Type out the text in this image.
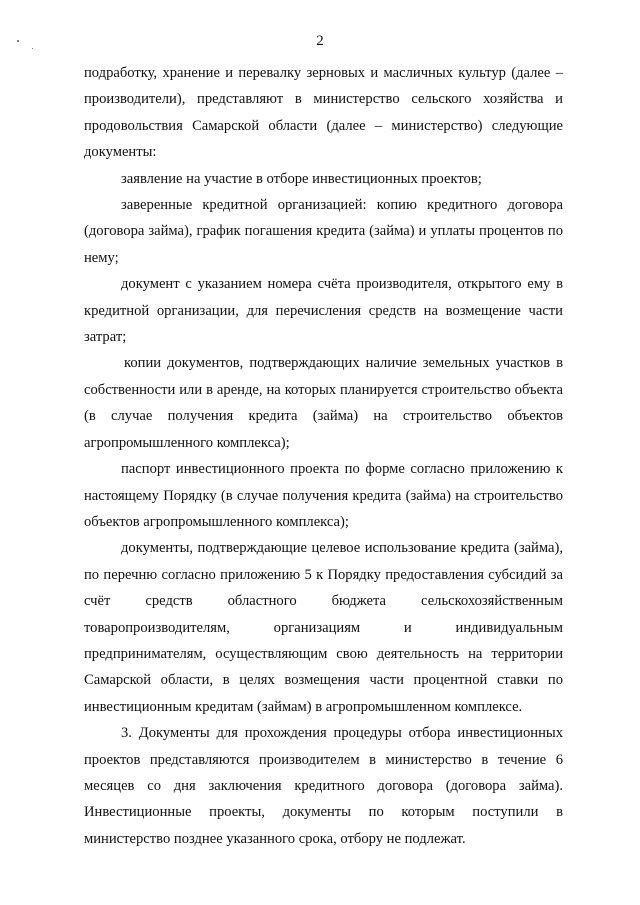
2

подработку, хранение и перевалку зерновых и масличных культур (далее – производители), представляют в министерство сельского хозяйства и продовольствия Самарской области (далее – министерство) следующие документы:

заявление на участие в отборе инвестиционных проектов;

заверенные кредитной организацией: копию кредитного договора (договора займа), график погашения кредита (займа) и уплаты процентов по нему;

документ с указанием номера счёта производителя, открытого ему в кредитной организации, для перечисления средств на возмещение части затрат;

копии документов, подтверждающих наличие земельных участков в собственности или в аренде, на которых планируется строительство объекта (в случае получения кредита (займа) на строительство объектов агропромышленного комплекса);

паспорт инвестиционного проекта по форме согласно приложению к настоящему Порядку (в случае получения кредита (займа) на строительство объектов агропромышленного комплекса);

документы, подтверждающие целевое использование кредита (займа), по перечню согласно приложению 5 к Порядку предоставления субсидий за счёт средств областного бюджета сельскохозяйственным товаропроизводителям, организациям и индивидуальным предпринимателям, осуществляющим свою деятельность на территории Самарской области, в целях возмещения части процентной ставки по инвестиционным кредитам (займам) в агропромышленном комплексе.

3. Документы для прохождения процедуры отбора инвестиционных проектов представляются производителем в министерство в течение 6 месяцев со дня заключения кредитного договора (договора займа). Инвестиционные проекты, документы по которым поступили в министерство позднее указанного срока, отбору не подлежат.
